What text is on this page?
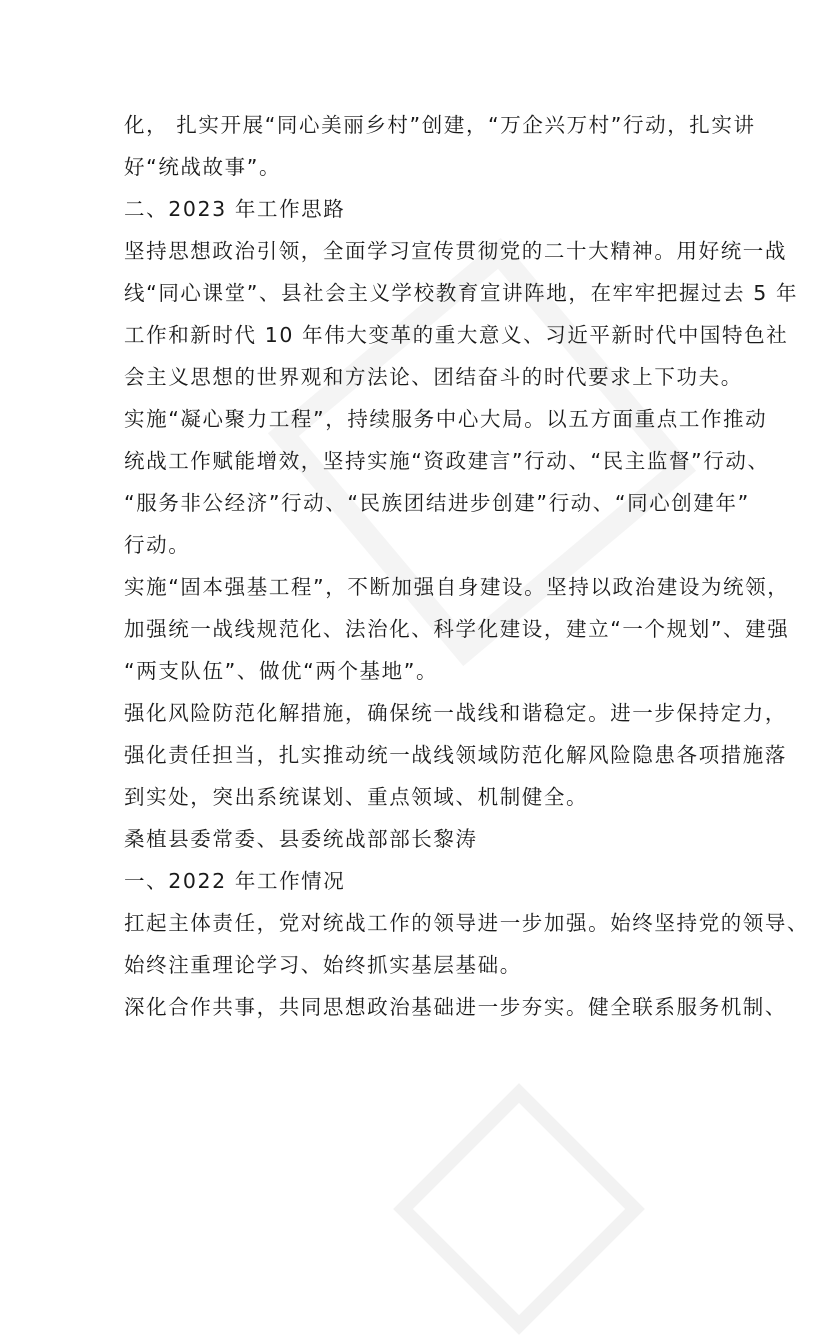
化， 扎实开展“同心美丽乡村”创建，“万企兴万村”行动，扎实讲
好“统战故事”。
二、2023 年工作思路
坚持思想政治引领，全面学习宣传贯彻党的二十大精神。用好统一战
线“同心课堂”、县社会主义学校教育宣讲阵地，在牢牢把握过去 5 年
工作和新时代 10 年伟大变革的重大意义、习近平新时代中国特色社
会主义思想的世界观和方法论、团结奋斗的时代要求上下功夫。
实施“凝心聚力工程”，持续服务中心大局。以五方面重点工作推动
统战工作赋能增效，坚持实施“资政建言”行动、“民主监督”行动、
“服务非公经济”行动、“民族团结进步创建”行动、“同心创建年”
行动。
实施“固本强基工程”，不断加强自身建设。坚持以政治建设为统领，
加强统一战线规范化、法治化、科学化建设，建立“一个规划”、建强
“两支队伍”、做优“两个基地”。
强化风险防范化解措施，确保统一战线和谐稳定。进一步保持定力，
强化责任担当，扎实推动统一战线领域防范化解风险隐患各项措施落
到实处，突出系统谋划、重点领域、机制健全。
桑植县委常委、县委统战部部长黎涛
一、2022 年工作情况
扛起主体责任，党对统战工作的领导进一步加强。始终坚持党的领导、
始终注重理论学习、始终抓实基层基础。
深化合作共事，共同思想政治基础进一步夯实。健全联系服务机制、
